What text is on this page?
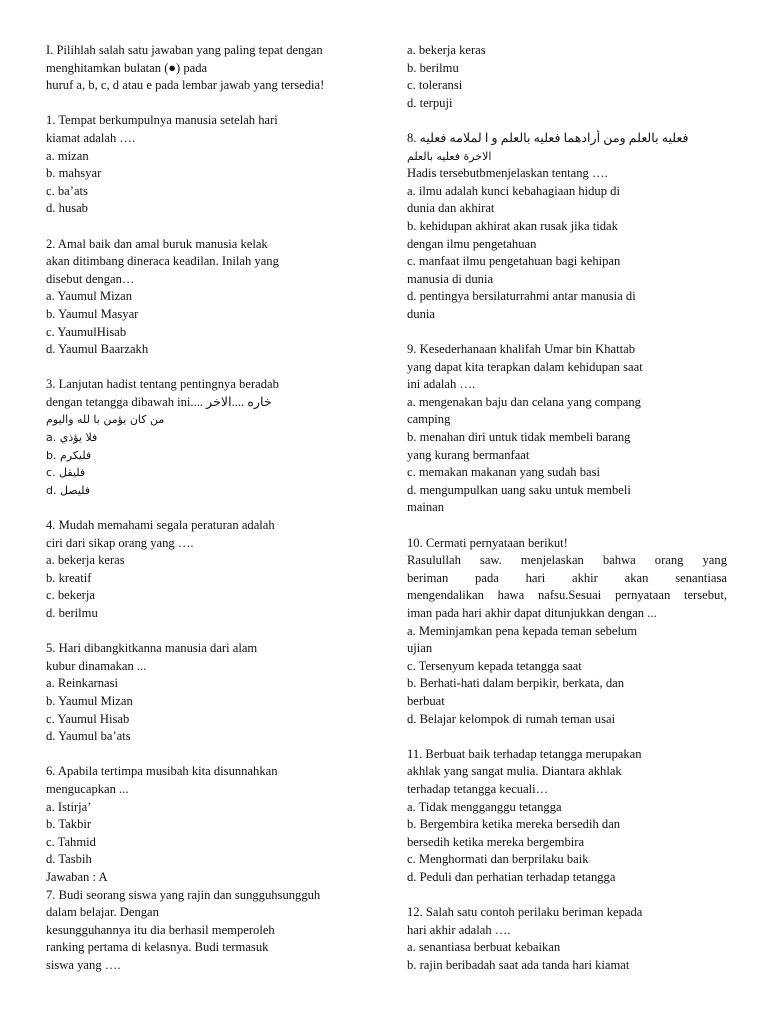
I. Pilihlah salah satu jawaban yang paling tepat dengan
menghitamkan bulatan (●) pada
huruf a, b, c, d atau e pada lembar jawab yang tersedia!
1. Tempat berkumpulnya manusia setelah hari
kiamat adalah ….
a. mizan
b. mahsyar
c. ba’ats
d. husab
2. Amal baik dan amal buruk manusia kelak
akan ditimbang dineraca keadilan. Inilah yang
disebut dengan…
a. Yaumul Mizan
b. Yaumul Masyar
c. YaumulHisab
d. Yaumul Baarzakh
3. Lanjutan hadist tentang pentingnya beradab
dengan tetangga dibawah ini.... خاره ....الاخر
من كان يؤمن با لله واليوم
فلا يؤذي .a
فليكرم .b
فليقل .c
فليصل .d
4. Mudah memahami segala peraturan adalah
ciri dari sikap orang yang ….
a. bekerja keras
b. kreatif
c. bekerja
d. berilmu
5. Hari dibangkitkanna manusia dari alam
kubur dinamakan ...
a. Reinkarnasi
b. Yaumul Mizan
c. Yaumul Hisab
d. Yaumul ba’ats
6. Apabila tertimpa musibah kita disunnahkan
mengucapkan ...
a. Istirja’
b. Takbir
c. Tahmid
d. Tasbih
Jawaban : A
7. Budi seorang siswa yang rajin dan sungguhsungguh
dalam belajar. Dengan
kesungguhannya itu dia berhasil memperoleh
ranking pertama di kelasnya. Budi termasuk
siswa yang ….
a. bekerja keras
b. berilmu
c. toleransi
d. terpuji
8. فعليه بالعلم ومن أرادهما فعليه بالعلم و ا لملامه فعليه
الاخرة فعليه بالعلم
Hadis tersebutbmenjelaskan tentang ….
a. ilmu adalah kunci kebahagiaan hidup di
dunia dan akhirat
b. kehidupan akhirat akan rusak jika tidak
dengan ilmu pengetahuan
c. manfaat ilmu pengetahuan bagi kehipan
manusia di dunia
d. pentingya bersilaturrahmi antar manusia di
dunia
9. Kesederhanaan khalifah Umar bin Khattab
yang dapat kita terapkan dalam kehidupan saat
ini adalah ….
a. mengenakan baju dan celana yang compang
camping
b. menahan diri untuk tidak membeli barang
yang kurang bermanfaat
c. memakan makanan yang sudah basi
d. mengumpulkan uang saku untuk membeli
mainan
10. Cermati pernyataan berikut!
Rasulullah saw. menjelaskan bahwa orang yang
beriman pada hari akhir akan senantiasa
mengendalikan hawa nafsu.Sesuai pernyataan tersebut,
iman pada hari akhir dapat ditunjukkan dengan ...
a. Meminjamkan pena kepada teman sebelum
ujian
c. Tersenyum kepada tetangga saat
b. Berhati-hati dalam berpikir, berkata, dan
berbuat
d. Belajar kelompok di rumah teman usai
11. Berbuat baik terhadap tetangga merupakan
akhlak yang sangat mulia. Diantara akhlak
terhadap tetangga kecuali…
a. Tidak mengganggu tetangga
b. Bergembira ketika mereka bersedih dan
bersedih ketika mereka bergembira
c. Menghormati dan berprilaku baik
d. Peduli dan perhatian terhadap tetangga
12. Salah satu contoh perilaku beriman kepada
hari akhir adalah ….
a. senantiasa berbuat kebaikan
b. rajin beribadah saat ada tanda hari kiamat
